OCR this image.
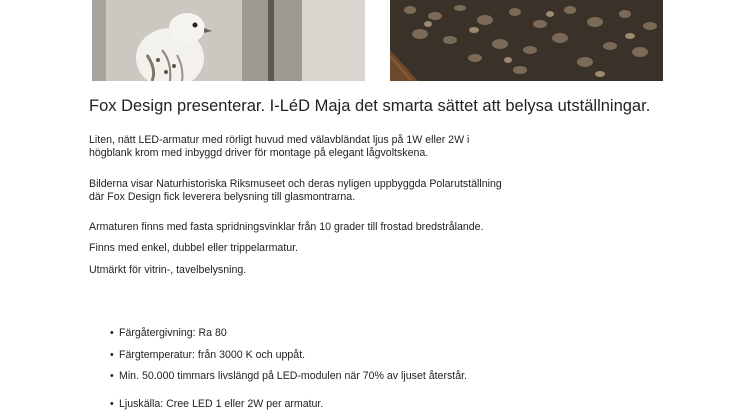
Fox Design presenterar. I-LéD Maja det smarta sättet att belysa utställningar.

Liten, nätt LED-armatur med rörligt huvud med välavbländat ljus på 1W eller 2W i
högblank krom med inbyggd driver för montage på elegant lågvoltskena.

Bilderna visar Naturhistoriska Riksmuseet och deras nyligen uppbyggda Polarutställning
där Fox Design fick leverera belysning till glasmontrarna.

Armaturen finns med fasta spridningsvinklar från 10 grader till frostad bredstrålande.

Finns med enkel, dubbel eller trippelarmatur.

Utmärkt för vitrin-, tavelbelysning.

• Färgåtergivning: Ra 80
• Färgtemperatur: från 3000 K och uppåt.
• Min. 50.000 timmars livslängd på LED-modulen när 70% av ljuset återstår.
• Ljuskälla: Cree LED 1 eller 2W per armatur.
